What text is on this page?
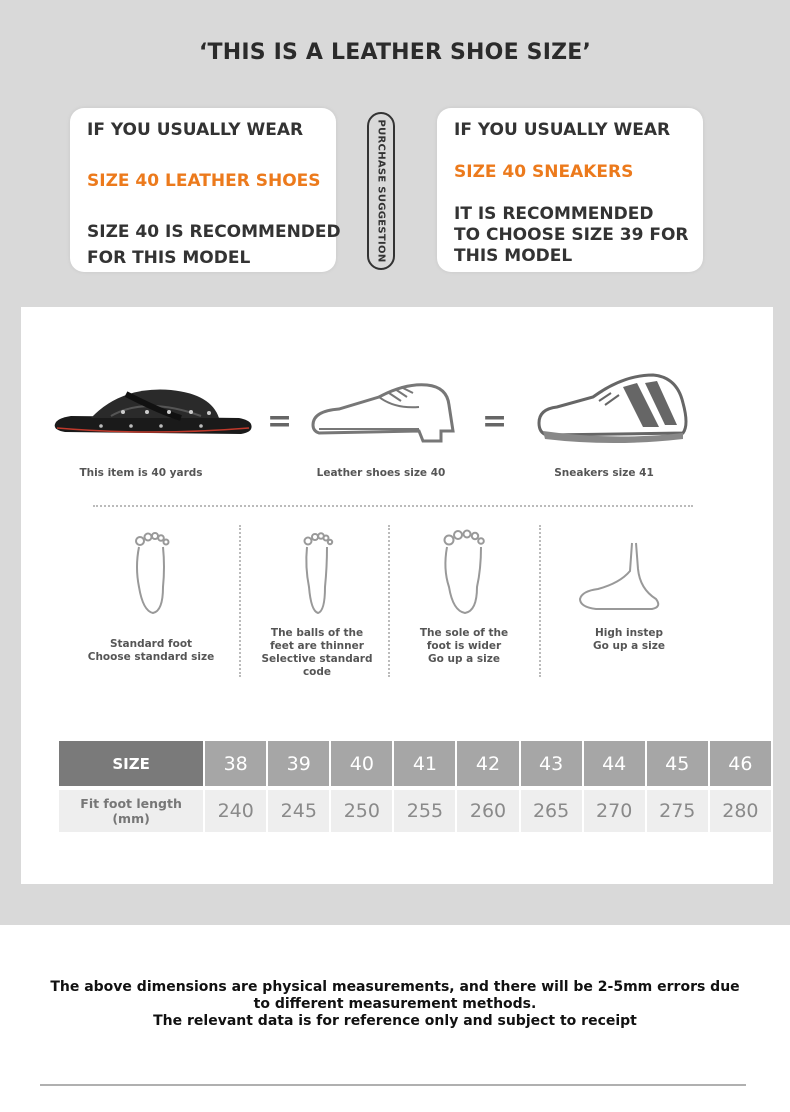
‘THIS IS A LEATHER SHOE SIZE’
IF YOU USUALLY WEAR
SIZE 40 LEATHER SHOES
SIZE 40 IS RECOMMENDED
FOR THIS MODEL	PURCHASE SUGGESTION	IF YOU USUALLY WEAR
SIZE 40 SNEAKERS
IT IS RECOMMENDED
TO CHOOSE SIZE 39 FOR
THIS MODEL
=	=
This item is 40 yards	Leather shoes size 40	Sneakers size 41
Standard foot
Choose standard size
The balls of the
feet are thinner
Selective standard
code
The sole of the
foot is wider
Go up a size
High instep
Go up a size
SIZE	38	39	40	41	42	43	44	45	46
Fit foot length (mm)	240	245	250	255	260	265	270	275	280
The above dimensions are physical measurements, and there will be 2-5mm errors due
to different measurement methods.
The relevant data is for reference only and subject to receipt
